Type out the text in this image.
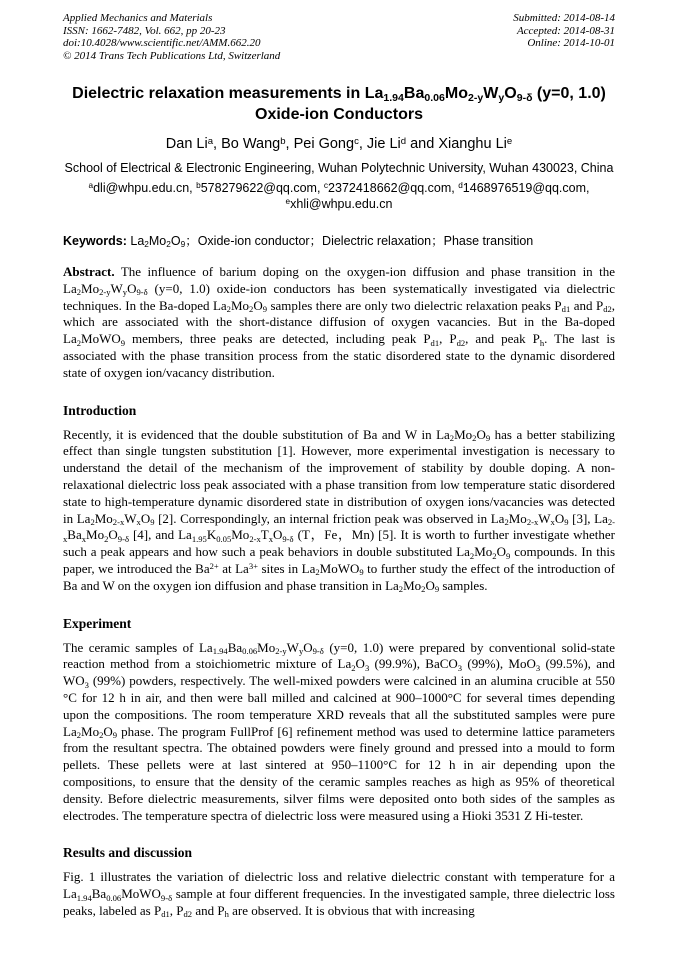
Applied Mechanics and Materials
ISSN: 1662-7482, Vol. 662, pp 20-23
doi:10.4028/www.scientific.net/AMM.662.20
© 2014 Trans Tech Publications Ltd, Switzerland
Submitted: 2014-08-14
Accepted: 2014-08-31
Online: 2014-10-01
Dielectric relaxation measurements in $La_{1.94}Ba_{0.06}Mo_{2-y}W_yO_{9-\delta}$ (y=0, 1.0) Oxide-ion Conductors
Dan Li$^a$, Bo Wang$^b$, Pei Gong$^c$, Jie Li$^d$ and Xianghu Li$^e$
School of Electrical & Electronic Engineering, Wuhan Polytechnic University, Wuhan 430023, China
$^a$dli@whpu.edu.cn, $^b$578279622@qq.com, $^c$2372418662@qq.com, $^d$1468976519@qq.com,
$^e$xhli@whpu.edu.cn
Keywords: $La_2Mo_2O_9$；Oxide-ion conductor；Dielectric relaxation；Phase transition

Abstract. The influence of barium doping on the oxygen-ion diffusion and phase transition in the $La_2Mo_{2-y}W_yO_{9-\delta}$ (y=0, 1.0) oxide-ion conductors has been systematically investigated via dielectric techniques. In the Ba-doped $La_2Mo_2O_9$ samples there are only two dielectric relaxation peaks $P_{d1}$ and $P_{d2}$, which are associated with the short-distance diffusion of oxygen vacancies. But in the Ba-doped $La_2MoWO_9$ members, three peaks are detected, including peak $P_{d1}$, $P_{d2}$, and peak $P_h$. The last is associated with the phase transition process from the static disordered state to the dynamic disordered state of oxygen ion/vacancy distribution.

Introduction

Recently, it is evidenced that the double substitution of Ba and W in $La_2Mo_2O_9$ has a better stabilizing effect than single tungsten substitution [1]. However, more experimental investigation is necessary to understand the detail of the mechanism of the improvement of stability by double doping. A non-relaxational dielectric loss peak associated with a phase transition from low temperature static disordered state to high-temperature dynamic disordered state in distribution of oxygen ions/vacancies was detected in $La_2Mo_{2-x}W_xO_9$ [2]. Correspondingly, an internal friction peak was observed in $La_2Mo_{2-x}W_xO_9$ [3], $La_{2-x}Ba_xMo_2O_{9-\delta}$ [4], and $La_{1.95}K_{0.05}Mo_{2-x}T_xO_{9-\delta}$ (T，Fe，Mn) [5]. It is worth to further investigate whether such a peak appears and how such a peak behaviors in double substituted $La_2Mo_2O_9$ compounds. In this paper, we introduced the $Ba^{2+}$ at $La^{3+}$ sites in $La_2MoWO_9$ to further study the effect of the introduction of Ba and W on the oxygen ion diffusion and phase transition in $La_2Mo_2O_9$ samples.

Experiment

The ceramic samples of $La_{1.94}Ba_{0.06}Mo_{2-y}W_yO_{9-\delta}$ (y=0, 1.0) were prepared by conventional solid-state reaction method from a stoichiometric mixture of $La_2O_3$ (99.9%), BaCO$_3$ (99%), MoO$_3$ (99.5%), and $WO_3$ (99%) powders, respectively. The well-mixed powders were calcined in an alumina crucible at 550 °C for 12 h in air, and then were ball milled and calcined at 900–1000°C for several times depending upon the compositions. The room temperature XRD reveals that all the substituted samples were pure $La_2Mo_2O_9$ phase. The program FullProf [6] refinement method was used to determine lattice parameters from the resultant spectra. The obtained powders were finely ground and pressed into a mould to form pellets. These pellets were at last sintered at 950–1100°C for 12 h in air depending upon the compositions, to ensure that the density of the ceramic samples reaches as high as 95% of theoretical density. Before dielectric measurements, silver films were deposited onto both sides of the samples as electrodes. The temperature spectra of dielectric loss were measured using a Hioki 3531 Z Hi-tester.

Results and discussion

Fig. 1 illustrates the variation of dielectric loss and relative dielectric constant with temperature for a $La_{1.94}Ba_{0.06}MoWO_{9-\delta}$ sample at four different frequencies. In the investigated sample, three dielectric loss peaks, labeled as $P_{d1}$, $P_{d2}$ and $P_h$ are observed. It is obvious that with increasing
